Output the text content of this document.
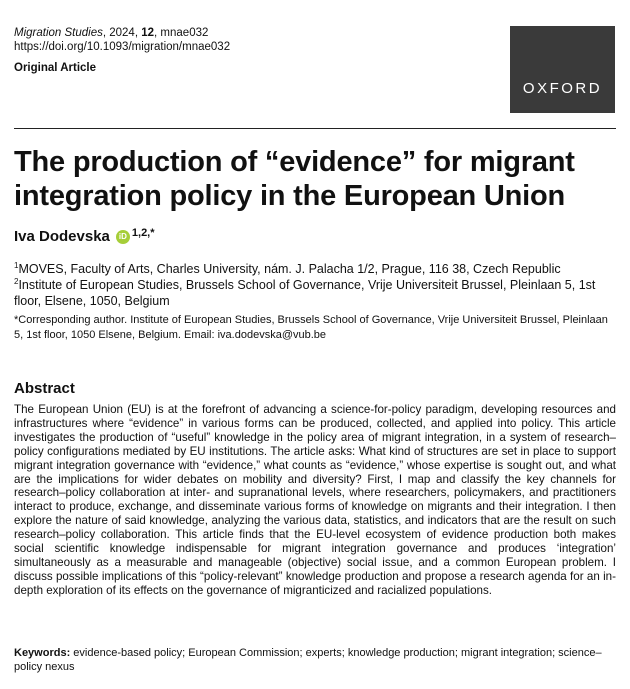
Migration Studies, 2024, 12, mnae032
https://doi.org/10.1093/migration/mnae032
Original Article
OXFORD
The production of “evidence” for migrant integration policy in the European Union
Iva Dodevska	iD $^{1,2,*}$
$^1$MOVES, Faculty of Arts, Charles University, nám. J. Palacha 1/2, Prague, 116 38, Czech Republic
$^2$Institute of European Studies, Brussels School of Governance, Vrije Universiteit Brussel, Pleinlaan 5, 1st floor, Elsene, 1050, Belgium
*Corresponding author. Institute of European Studies, Brussels School of Governance, Vrije Universiteit Brussel, Pleinlaan 5, 1st floor, 1050 Elsene, Belgium. Email: iva.dodevska@vub.be
Abstract

The European Union (EU) is at the forefront of advancing a science-for-policy paradigm, developing resources and infrastructures where “evidence” in various forms can be produced, collected, and applied into policy. This article investigates the production of “useful” knowledge in the policy area of migrant integration, in a system of research–policy configurations mediated by EU institutions. The article asks: What kind of structures are set in place to support migrant integration governance with “evidence,” what counts as “evidence,” whose expertise is sought out, and what are the implications for wider debates on mobility and diversity? First, I map and classify the key channels for research–policy collaboration at inter- and supranational levels, where researchers, policymakers, and practitioners interact to produce, exchange, and disseminate various forms of knowledge on migrants and their integration. I then explore the nature of said knowledge, analyzing the various data, statistics, and indicators that are the result on such research–policy collaboration. This article finds that the EU-level ecosystem of evidence production both makes social scientific knowledge indispensable for migrant integration governance and produces ‘integration’ simultaneously as a measurable and manageable (objective) social issue, and a common European problem. I discuss possible implications of this “policy-relevant” knowledge production and propose a research agenda for an in-depth exploration of its effects on the governance of migranticized and racialized populations.

Keywords: evidence-based policy; European Commission; experts; knowledge production; migrant integration; science–policy nexus
